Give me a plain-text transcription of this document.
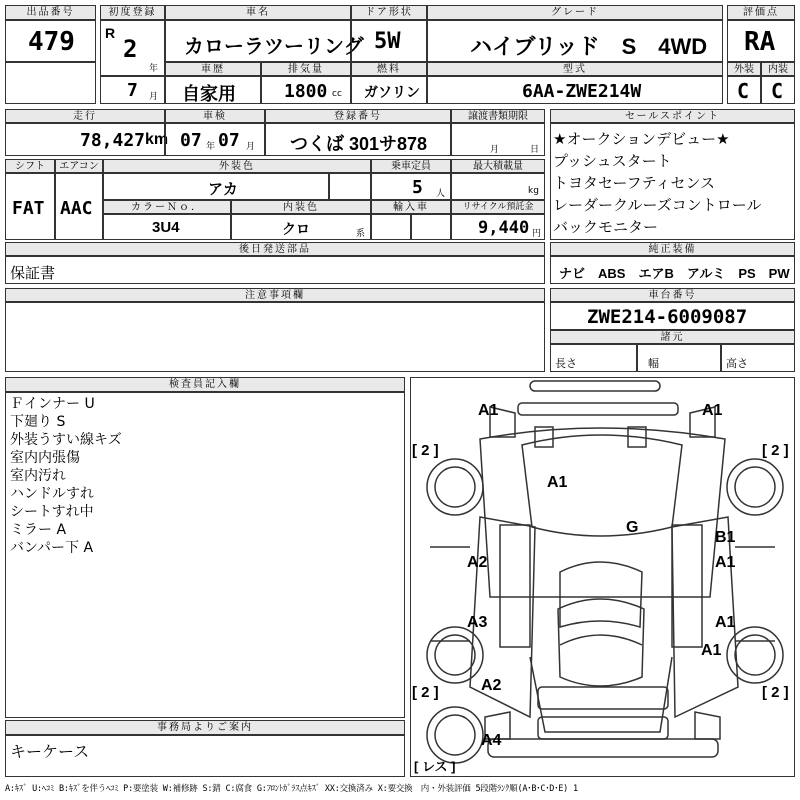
出品番号
479
初度登録
R
2
年
7 月
車名
カローラツーリング
車歴
自家用
排気量
1800 cc
ドア形状
5W
燃料
ガソリン
グレード
ハイブリッド　S　4WD
型式
6AA-ZWE214W
評価点
RA
外装
C
内装
C
走行
78,427 km
車検
07 年 07 月
登録番号
つくば 301サ878
譲渡書類期限
月	日
シフト
FAT
エアコン
AAC
外装色
アカ
乗車定員
5 人
最大積載量
kg
カラーＮｏ．
3U4
内装色
クロ	系
輸入車	リサイクル預託金
9,440 円
後日発送部品
保証書
注意事項欄
セールスポイント
★オークションデビュー★
プッシュスタート
トヨタセーフティセンス
レーダークルーズコントロール
バックモニター
純正装備
ナビ　ABS　エアB　アルミ　PS　PW
車台番号
ZWE214-6009087
諸元
長さ	幅	高さ
検査員記入欄
Ｆインナー U
下廻り S
外装うすい線キズ
室内内張傷
室内汚れ
ハンドルすれ
シートすれ中
ミラー A
バンパー下 A
事務局よりご案内
キーケース
A1	A1
A1
G
B1
A1
A2
A3	A1
A1
A2
A4
[ 2 ]	[ 2 ]
[ 2 ]	[ 2 ]
[ レス ]
A:ｷｽﾞ U:ﾍｺﾐ B:ｷｽﾞを伴うﾍｺﾐ P:要塗装 W:補修跡 S:錆 C:腐食 G:ﾌﾛﾝﾄｶﾞﾗｽ点ｷｽﾞ XX:交換済み X:要交換　内・外装評価 5段階ﾗﾝｸ順(A･B･C･D･E) 1
